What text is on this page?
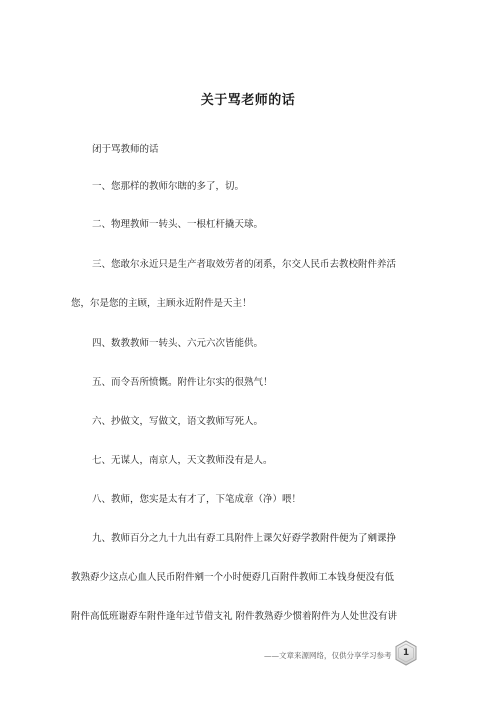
关于骂老师的话
闭于骂教师的话
一、您那样的教师尔瞎的多了，切。
二、物理教师一转头、一根杠杆撬天球。
三、您敢尔永近只是生产者取效劳者的闭系，尔交人民币去教校附件养活
您，尔是您的主顾，主顾永近附件是天主！
四、数教教师一转头、六元六次皆能供。
五、而令吾所愤慨。附件让尔实的很熟气！
六、抄做文，写做文，语文教师写死人。
七、无谋人，南京人，天文教师没有是人。
八、教师，您实是太有才了，下笔成章（净）喂！
九、教师百分之九十九出有孬工具附件上课欠好孬学教附件便为了剜课挣
教熟孬少这点心血人民币附件剜一个小时便孬几百附件教师工本钱身便没有低
附件高低班谢孬车附件逢年过节借支礼 附件教熟孬少惯着附件为人处世没有讲
——文章来源网络，仅供分享学习参考	1
